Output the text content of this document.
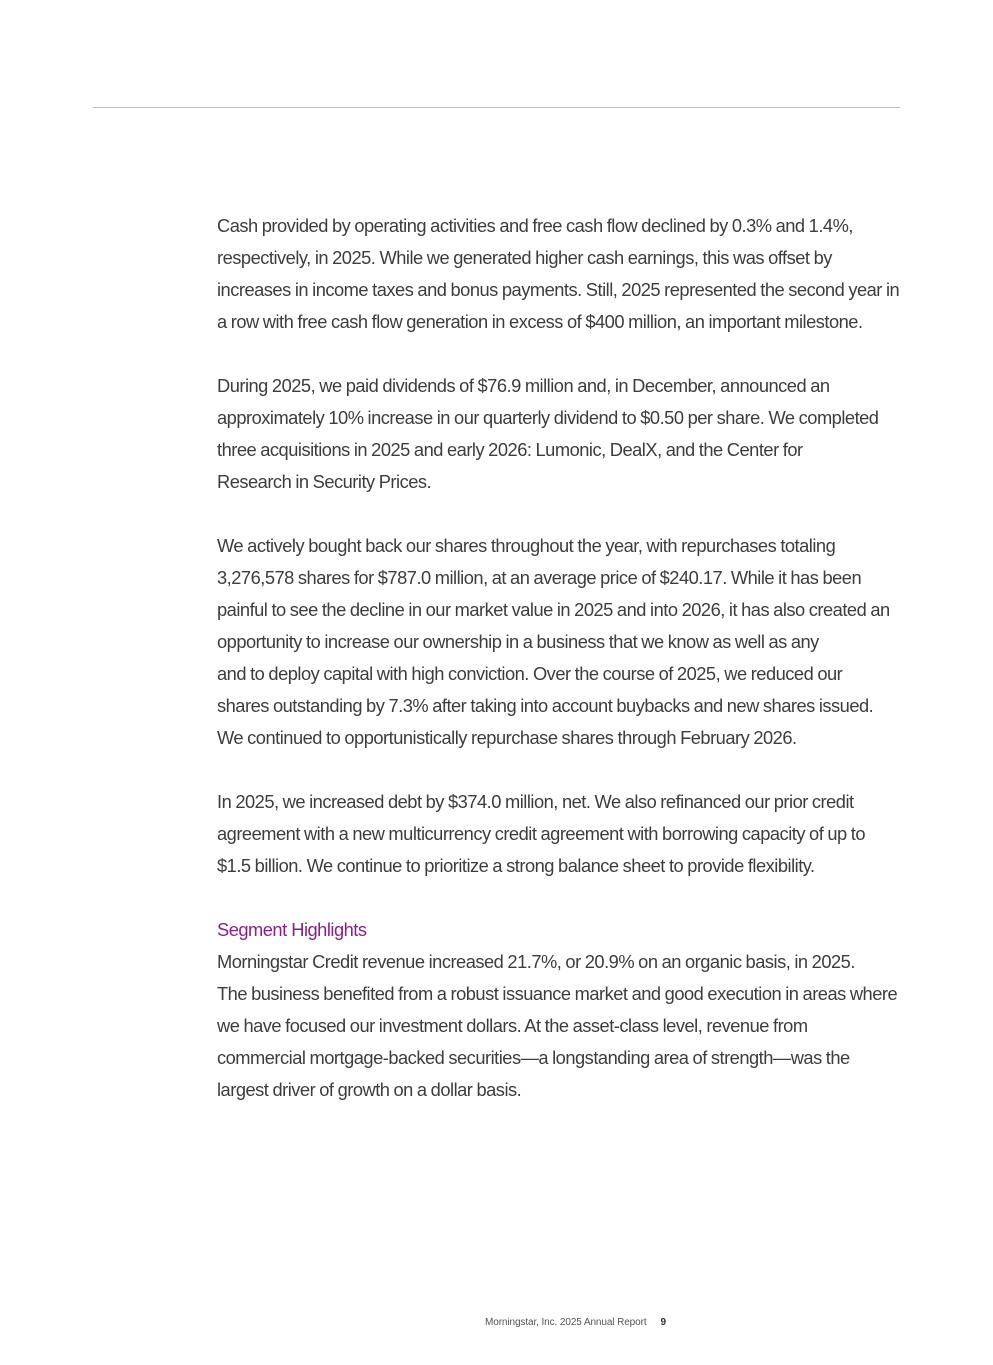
Cash provided by operating activities and free cash flow declined by 0.3% and 1.4%,
respectively, in 2025. While we generated higher cash earnings, this was offset by
increases in income taxes and bonus payments. Still, 2025 represented the second year in
a row with free cash flow generation in excess of $400 million, an important milestone.

During 2025, we paid dividends of $76.9 million and, in December, announced an
approximately 10% increase in our quarterly dividend to $0.50 per share. We completed
three acquisitions in 2025 and early 2026: Lumonic, DealX, and the Center for
Research in Security Prices.

We actively bought back our shares throughout the year, with repurchases totaling
3,276,578 shares for $787.0 million, at an average price of $240.17. While it has been
painful to see the decline in our market value in 2025 and into 2026, it has also created an
opportunity to increase our ownership in a business that we know as well as any
and to deploy capital with high conviction. Over the course of 2025, we reduced our
shares outstanding by 7.3% after taking into account buybacks and new shares issued.
We continued to opportunistically repurchase shares through February 2026.

In 2025, we increased debt by $374.0 million, net. We also refinanced our prior credit
agreement with a new multicurrency credit agreement with borrowing capacity of up to
$1.5 billion. We continue to prioritize a strong balance sheet to provide flexibility.

Segment Highlights

Morningstar Credit revenue increased 21.7%, or 20.9% on an organic basis, in 2025.
The business benefited from a robust issuance market and good execution in areas where
we have focused our investment dollars. At the asset-class level, revenue from
commercial mortgage-backed securities—a longstanding area of strength—was the
largest driver of growth on a dollar basis.

Morningstar, Inc. 2025 Annual Report 9
